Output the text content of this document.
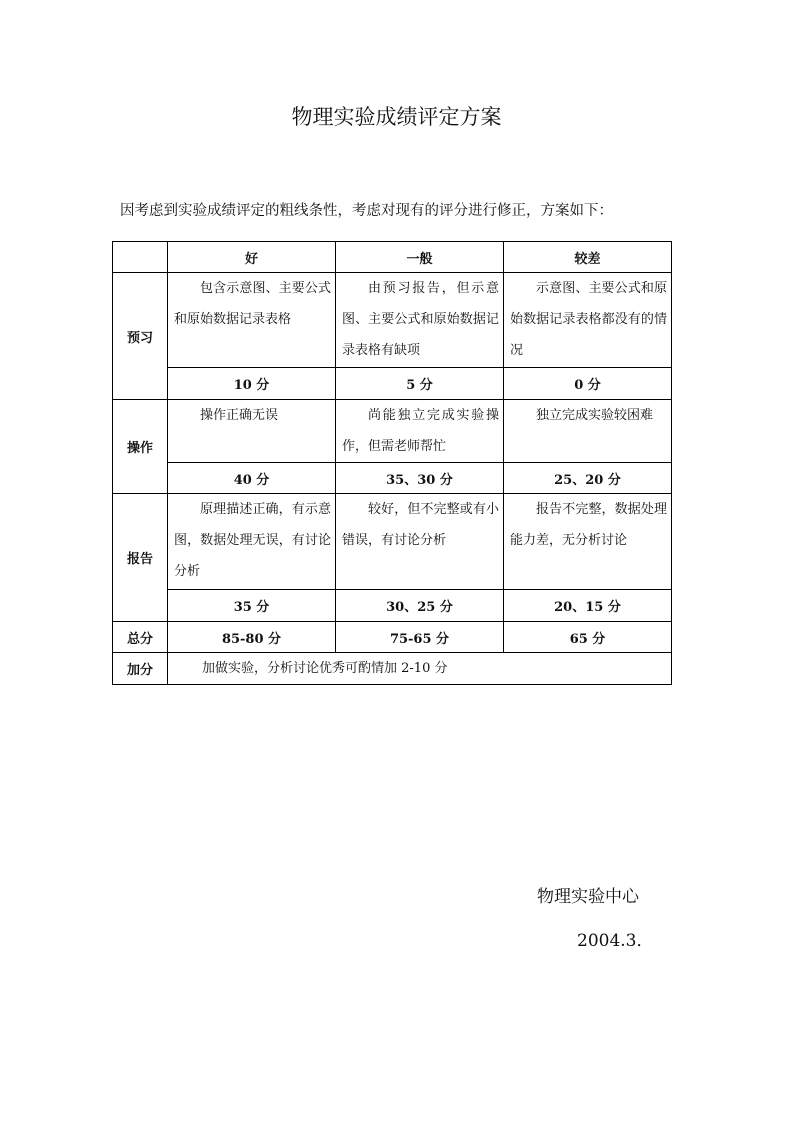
物理实验成绩评定方案
因考虑到实验成绩评定的粗线条性，考虑对现有的评分进行修正，方案如下：
	好	一般	较差
预习	包含示意图、主要公式和原始数据记录表格	由预习报告，但示意图、主要公式和原始数据记录表格有缺项	示意图、主要公式和原始数据记录表格都没有的情况
	10 分	5 分	0 分
操作	操作正确无误	尚能独立完成实验操作，但需老师帮忙	独立完成实验较困难
	40 分	35、30 分	25、20 分
报告	原理描述正确，有示意图，数据处理无误，有讨论分析	较好，但不完整或有小错误，有讨论分析	报告不完整，数据处理能力差，无分析讨论
	35 分	30、25 分	20、15 分
总分	85-80 分	75-65 分	65 分
加分	加做实验，分析讨论优秀可酌情加 2-10 分		
物理实验中心
2004.3．
